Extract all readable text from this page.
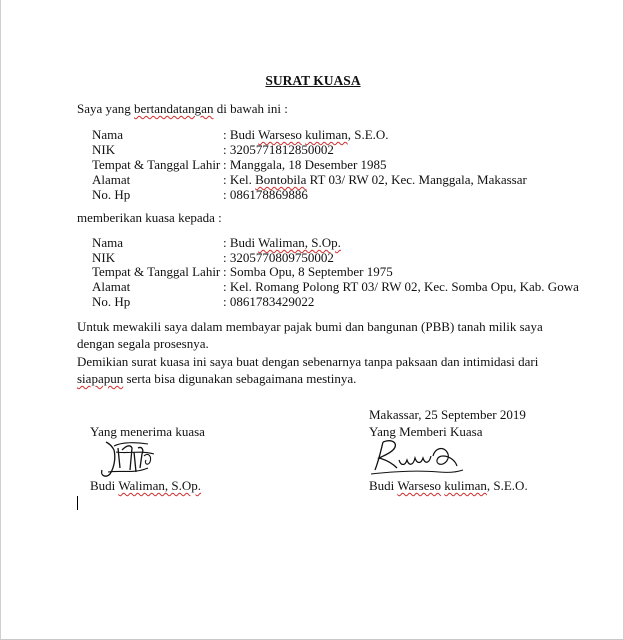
SURAT KUASA
Saya yang bertandatangan di bawah ini :
Nama	: Budi Warseso kuliman, S.E.O.
NIK	: 3205771812850002
Tempat & Tanggal Lahir : Manggala, 18 Desember 1985
Alamat	: Kel. Bontobila RT 03/ RW 02, Kec. Manggala, Makassar
No. Hp	: 086178869886
memberikan kuasa kepada :
Nama	: Budi Waliman, S.Op.
NIK	: 3205770809750002
Tempat & Tanggal Lahir : Somba Opu, 8 September 1975
Alamat	: Kel. Romang Polong RT 03/ RW 02, Kec. Somba Opu, Kab. Gowa
No. Hp	: 0861783429022
Untuk mewakili saya dalam membayar pajak bumi dan bangunan (PBB) tanah milik saya dengan segala prosesnya.
Demikian surat kuasa ini saya buat dengan sebenarnya tanpa paksaan dan intimidasi dari siapapun serta bisa digunakan sebagaimana mestinya.
Makassar, 25 September 2019
Yang menerima kuasa	Yang Memberi Kuasa
Budi Waliman, S.Op.	Budi Warseso kuliman, S.E.O.
